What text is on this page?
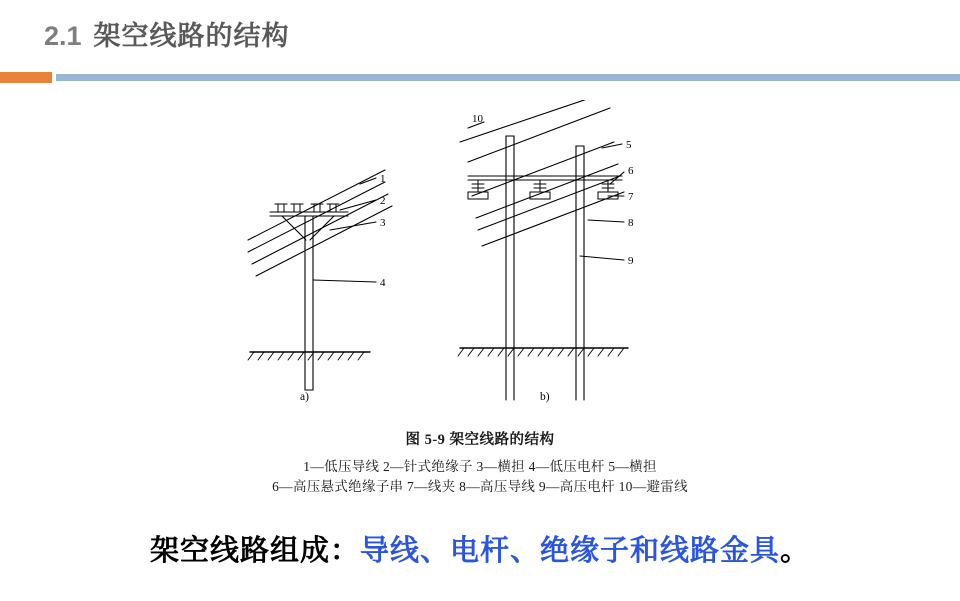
2.1 架空线路的结构
1
2
3
4
10
5
6
7
8
9
a)	b)
图 5-9 架空线路的结构
1—低压导线 2—针式绝缘子 3—横担 4—低压电杆 5—横担
6—高压悬式绝缘子串 7—线夹 8—高压导线 9—高压电杆 10—避雷线
架空线路组成：导线、电杆、绝缘子和线路金具。
